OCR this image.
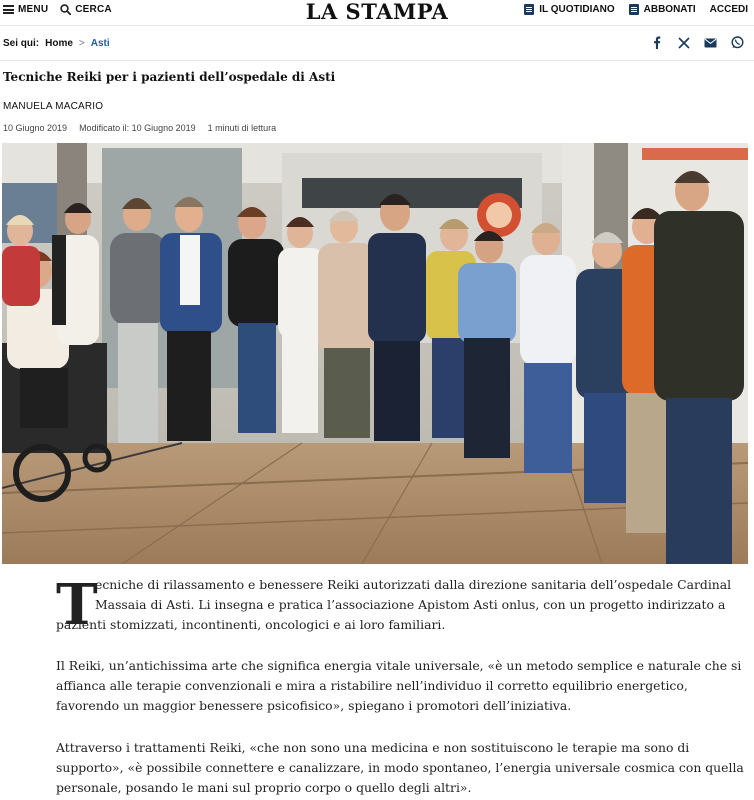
MENU	CERCA	LA STAMPA	IL QUOTIDIANO	ABBONATI ACCEDI
Sei qui: Home > Asti
Tecniche Reiki per i pazienti dell’ospedale di Asti
MANUELA MACARIO
10 Giugno 2019 Modificato il: 10 Giugno 2019 1 minuti di lettura
T

ecniche di rilassamento e benessere Reiki autorizzati dalla direzione sanitaria dell’ospedale Cardinal

Massaia di Asti. Li insegna e pratica l’associazione Apistom Asti onlus, con un progetto indirizzato a

pazienti stomizzati, incontinenti, oncologici e ai loro familiari.

Il Reiki, un’antichissima arte che significa energia vitale universale, «è un metodo semplice e naturale che si affianca alle terapie convenzionali e mira a ristabilire nell’individuo il corretto equilibrio energetico, favorendo un maggior benessere psicofisico», spiegano i promotori dell’iniziativa.

Attraverso i trattamenti Reiki, «che non sono una medicina e non sostituiscono le terapie ma sono di supporto», «è possibile connettere e canalizzare, in modo spontaneo, l’energia universale cosmica con quella personale, posando le mani sul proprio corpo o quello degli altri».
